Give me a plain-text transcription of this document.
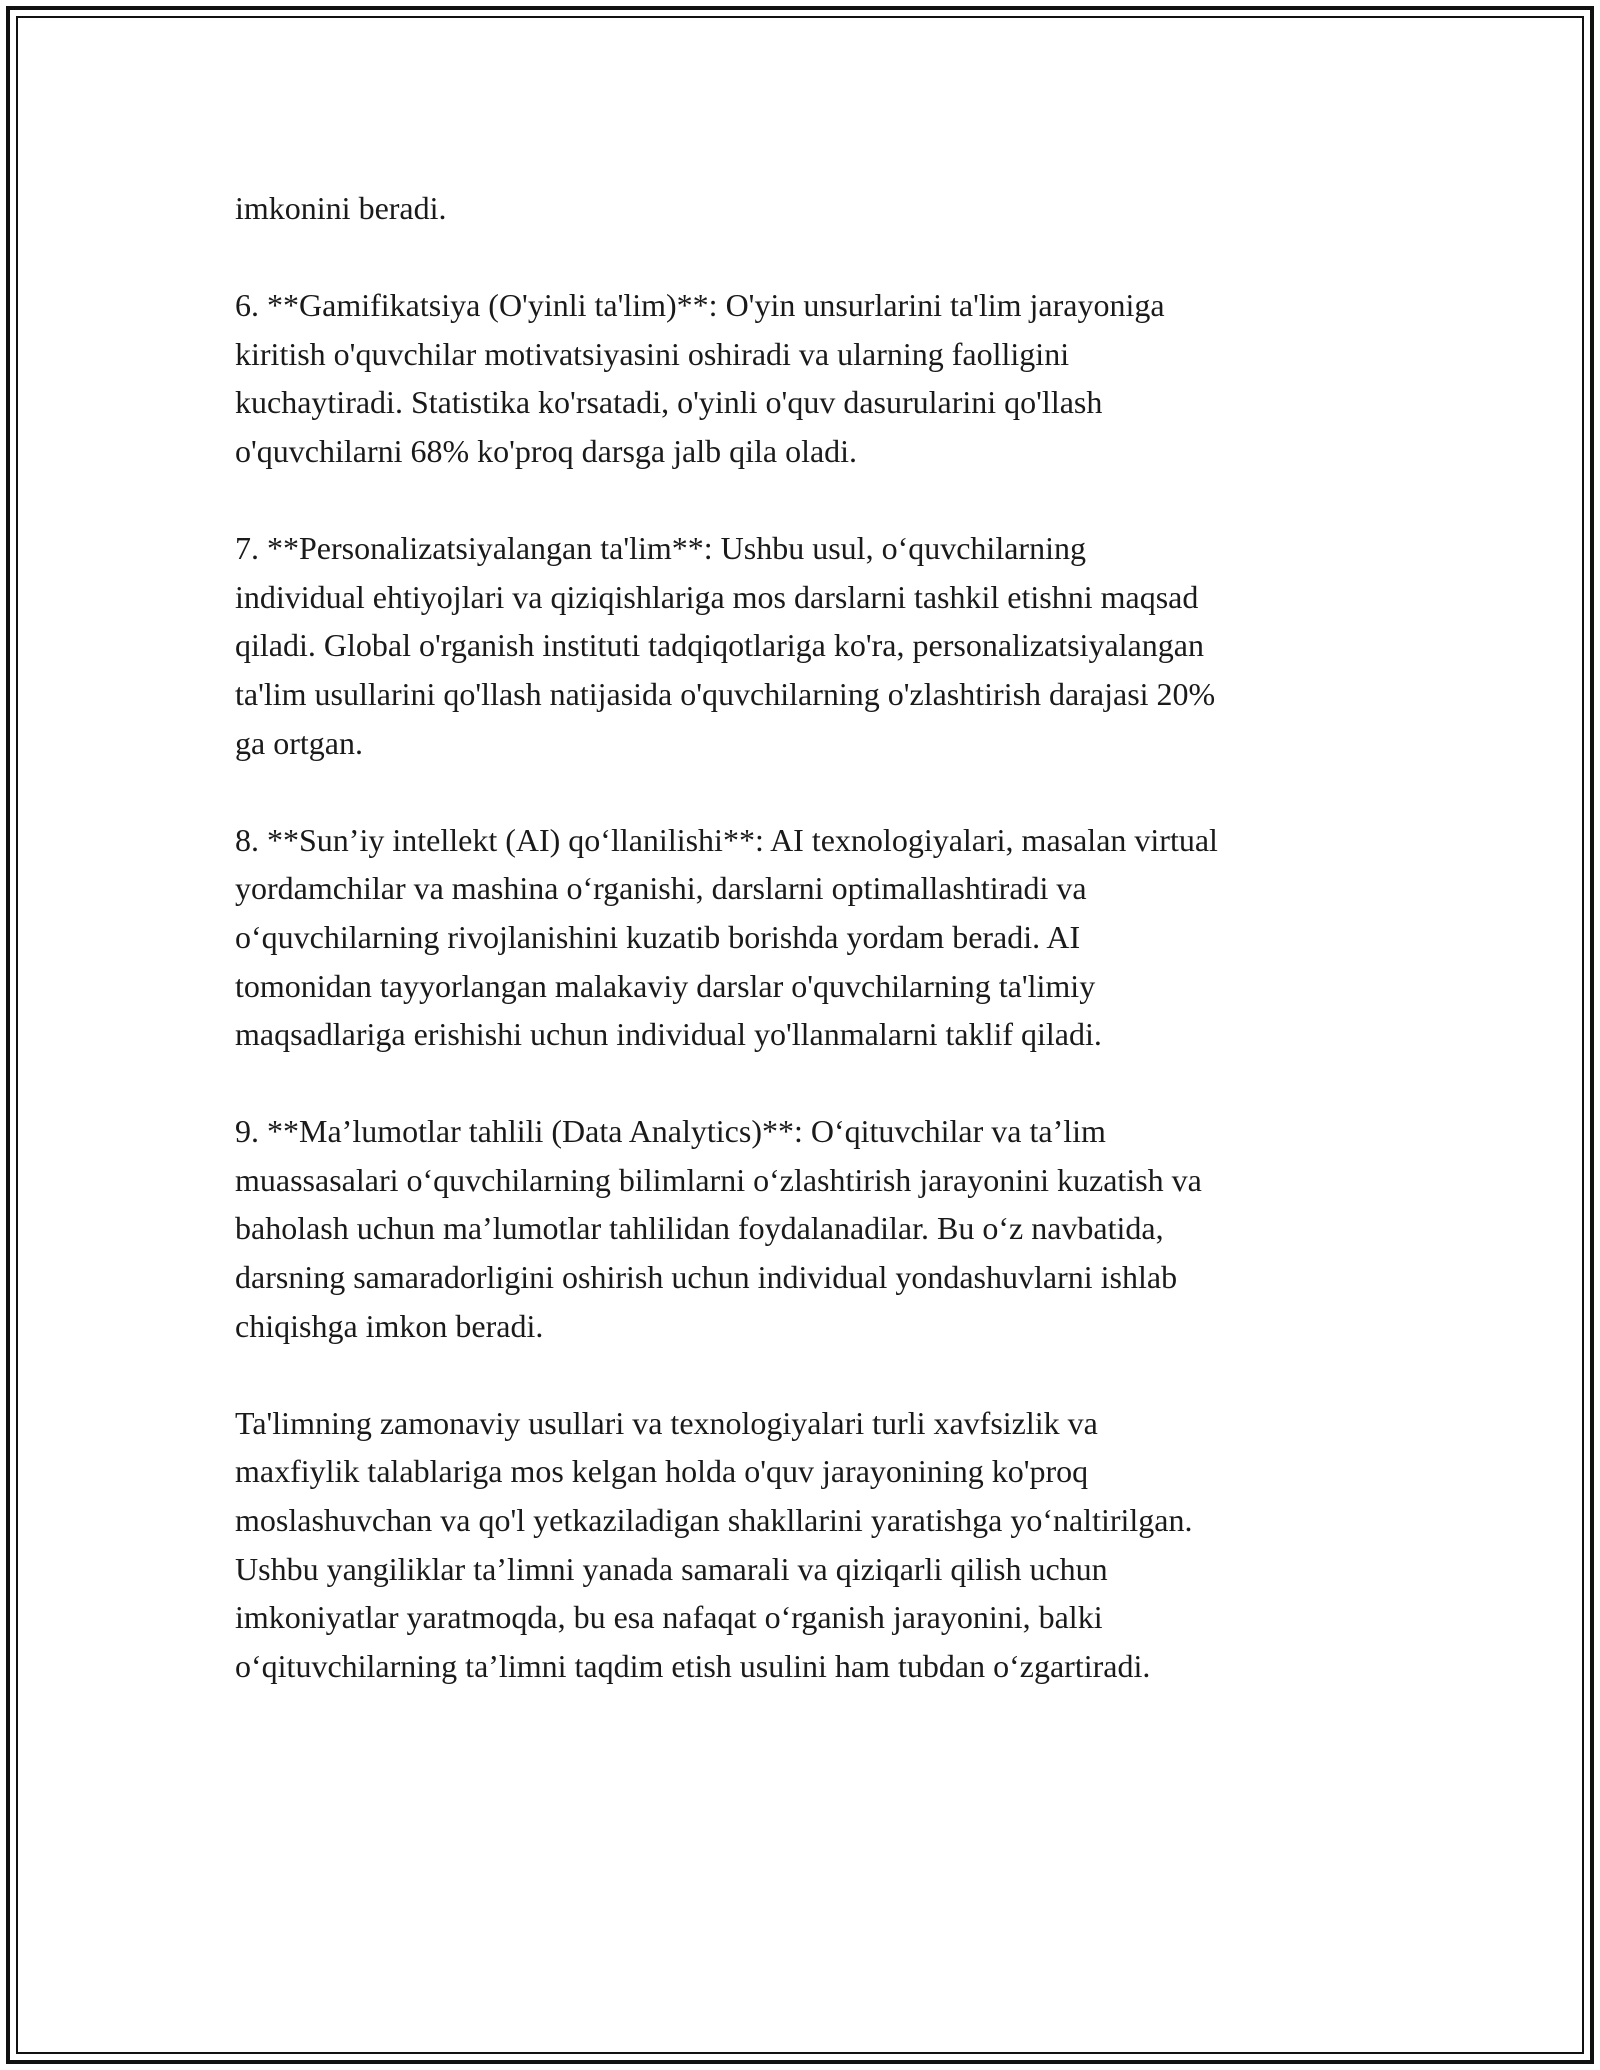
imkonini beradi.

6. **Gamifikatsiya (O'yinli ta'lim)**: O'yin unsurlarini ta'lim jarayoniga
kiritish o'quvchilar motivatsiyasini oshiradi va ularning faolligini
kuchaytiradi. Statistika ko'rsatadi, o'yinli o'quv dasurularini qo'llash
o'quvchilarni 68% ko'proq darsga jalb qila oladi.

7. **Personalizatsiyalangan ta'lim**: Ushbu usul, o‘quvchilarning
individual ehtiyojlari va qiziqishlariga mos darslarni tashkil etishni maqsad
qiladi. Global o'rganish instituti tadqiqotlariga ko'ra, personalizatsiyalangan
ta'lim usullarini qo'llash natijasida o'quvchilarning o'zlashtirish darajasi 20%
ga ortgan.

8. **Sun’iy intellekt (AI) qo‘llanilishi**: AI texnologiyalari, masalan virtual
yordamchilar va mashina o‘rganishi, darslarni optimallashtiradi va
o‘quvchilarning rivojlanishini kuzatib borishda yordam beradi. AI
tomonidan tayyorlangan malakaviy darslar o'quvchilarning ta'limiy
maqsadlariga erishishi uchun individual yo'llanmalarni taklif qiladi.

9. **Ma’lumotlar tahlili (Data Analytics)**: O‘qituvchilar va ta’lim
muassasalari o‘quvchilarning bilimlarni o‘zlashtirish jarayonini kuzatish va
baholash uchun ma’lumotlar tahlilidan foydalanadilar. Bu o‘z navbatida,
darsning samaradorligini oshirish uchun individual yondashuvlarni ishlab
chiqishga imkon beradi.

Ta'limning zamonaviy usullari va texnologiyalari turli xavfsizlik va
maxfiylik talablariga mos kelgan holda o'quv jarayonining ko'proq
moslashuvchan va qo'l yetkaziladigan shakllarini yaratishga yo‘naltirilgan.
Ushbu yangiliklar ta’limni yanada samarali va qiziqarli qilish uchun
imkoniyatlar yaratmoqda, bu esa nafaqat o‘rganish jarayonini, balki
o‘qituvchilarning ta’limni taqdim etish usulini ham tubdan o‘zgartiradi.
